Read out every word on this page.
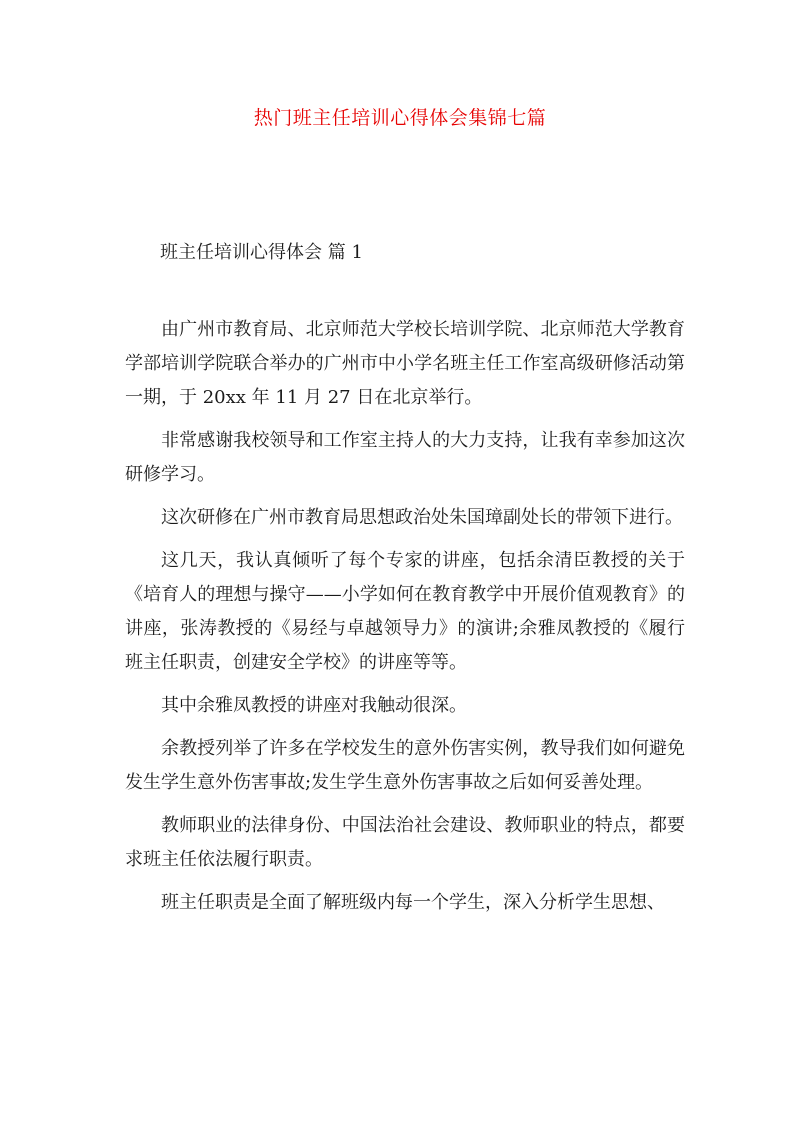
热门班主任培训心得体会集锦七篇
班主任培训心得体会 篇 1

由广州市教育局、北京师范大学校长培训学院、北京师范大学教育学部培训学院联合举办的广州市中小学名班主任工作室高级研修活动第一期，于 20xx 年 11 月 27 日在北京举行。

非常感谢我校领导和工作室主持人的大力支持，让我有幸参加这次研修学习。

这次研修在广州市教育局思想政治处朱国璋副处长的带领下进行。

这几天，我认真倾听了每个专家的讲座，包括余清臣教授的关于《培育人的理想与操守——小学如何在教育教学中开展价值观教育》的讲座，张涛教授的《易经与卓越领导力》的演讲;余雅凤教授的《履行班主任职责，创建安全学校》的讲座等等。

其中余雅凤教授的讲座对我触动很深。

余教授列举了许多在学校发生的意外伤害实例，教导我们如何避免发生学生意外伤害事故;发生学生意外伤害事故之后如何妥善处理。

教师职业的法律身份、中国法治社会建设、教师职业的特点，都要求班主任依法履行职责。

班主任职责是全面了解班级内每一个学生，深入分析学生思想、
